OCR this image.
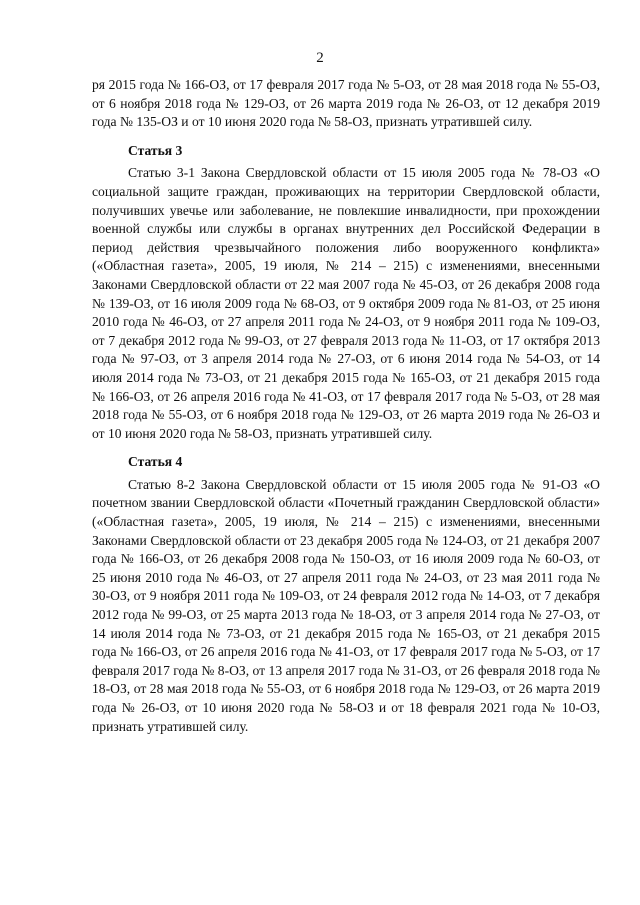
2

ря 2015 года № 166-ОЗ, от 17 февраля 2017 года № 5-ОЗ, от 28 мая 2018 года № 55-ОЗ, от 6 ноября 2018 года № 129-ОЗ, от 26 марта 2019 года № 26-ОЗ, от 12 декабря 2019 года № 135-ОЗ и от 10 июня 2020 года № 58-ОЗ, признать утратившей силу.

Статья 3

Статью 3-1 Закона Свердловской области от 15 июля 2005 года № 78-ОЗ «О социальной защите граждан, проживающих на территории Свердловской области, получивших увечье или заболевание, не повлекшие инвалидности, при прохождении военной службы или службы в органах внутренних дел Российской Федерации в период действия чрезвычайного положения либо вооруженного конфликта» («Областная газета», 2005, 19 июля, № 214 – 215) с изменениями, внесенными Законами Свердловской области от 22 мая 2007 года № 45-ОЗ, от 26 декабря 2008 года № 139-ОЗ, от 16 июля 2009 года № 68-ОЗ, от 9 октября 2009 года № 81-ОЗ, от 25 июня 2010 года № 46-ОЗ, от 27 апреля 2011 года № 24-ОЗ, от 9 ноября 2011 года № 109-ОЗ, от 7 декабря 2012 года № 99-ОЗ, от 27 февраля 2013 года № 11-ОЗ, от 17 октября 2013 года № 97-ОЗ, от 3 апреля 2014 года № 27-ОЗ, от 6 июня 2014 года № 54-ОЗ, от 14 июля 2014 года № 73-ОЗ, от 21 декабря 2015 года № 165-ОЗ, от 21 декабря 2015 года № 166-ОЗ, от 26 апреля 2016 года № 41-ОЗ, от 17 февраля 2017 года № 5-ОЗ, от 28 мая 2018 года № 55-ОЗ, от 6 ноября 2018 года № 129-ОЗ, от 26 марта 2019 года № 26-ОЗ и от 10 июня 2020 года № 58-ОЗ, признать утратившей силу.

Статья 4

Статью 8-2 Закона Свердловской области от 15 июля 2005 года № 91-ОЗ «О почетном звании Свердловской области «Почетный гражданин Свердловской области» («Областная газета», 2005, 19 июля, № 214 – 215) с изменениями, внесенными Законами Свердловской области от 23 декабря 2005 года № 124-ОЗ, от 21 декабря 2007 года № 166-ОЗ, от 26 декабря 2008 года № 150-ОЗ, от 16 июля 2009 года № 60-ОЗ, от 25 июня 2010 года № 46-ОЗ, от 27 апреля 2011 года № 24-ОЗ, от 23 мая 2011 года № 30-ОЗ, от 9 ноября 2011 года № 109-ОЗ, от 24 февраля 2012 года № 14-ОЗ, от 7 декабря 2012 года № 99-ОЗ, от 25 марта 2013 года № 18-ОЗ, от 3 апреля 2014 года № 27-ОЗ, от 14 июля 2014 года № 73-ОЗ, от 21 декабря 2015 года № 165-ОЗ, от 21 декабря 2015 года № 166-ОЗ, от 26 апреля 2016 года № 41-ОЗ, от 17 февраля 2017 года № 5-ОЗ, от 17 февраля 2017 года № 8-ОЗ, от 13 апреля 2017 года № 31-ОЗ, от 26 февраля 2018 года № 18-ОЗ, от 28 мая 2018 года № 55-ОЗ, от 6 ноября 2018 года № 129-ОЗ, от 26 марта 2019 года № 26-ОЗ, от 10 июня 2020 года № 58-ОЗ и от 18 февраля 2021 года № 10-ОЗ, признать утратившей силу.
